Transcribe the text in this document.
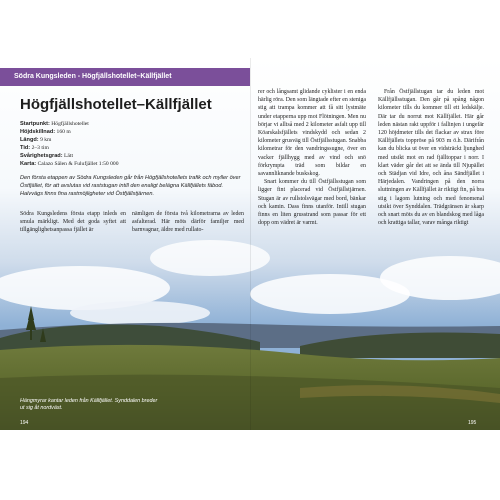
Södra Kungsleden - Högfjällshotellet–Källfjället
Högfjällshotellet–Källfjället
Startpunkt: Högfjällshotellet
Höjdskillnad: 160 m
Längd: 9 km
Tid: 2–3 tim
Svårighetsgrad: Lätt
Karta: Calazo Sälen & Fulufjället 1:50 000

Den första etappen av Södra Kungsleden går från Högfjällshotellets trafik och myller över Östfjället, för att avslutas vid raststugan intill den enaligt belägna Källfjällets fäbod. Halvvägs finns fina rastmöjligheter vid Östfjällstjärnen.

Södra Kungsledens första etapp inleds en smula märkligt. Med det goda syftet att tillgänglighetsanpassa fjället är

nämligen de första två kilometrarna av leden asfalterad. Här möts därför familjer med barnvagnar, äldre med rullato-

rer och långsamt glidande cyklister i en enda härlig röra. Den som längtade efter en steniga stig att trampa kommer att få sitt lystmäte under etapperna upp mot Flötningen. Men nu börjar vi alltså med 2 kilometer asfalt upp till Köarskalsfjällets vindskydd och sedan 2 kilometer grusväg till Östfjällsstugan. Snabba kilometrar för den vandringssugne, över en vacker fjällhygg med av vind och snö förkrympta träd som bildar en savannliknande buskskog.

Snart kommer du till Östfjällsstugan som ligger fint placerad vid Östfjällstjärnen. Stugan är av rullstolsvägar med bord, bänkar och kamin. Dass finns utanför. Intill stugan finns en liten grusstrand som passar för ett dopp om vädret är varmt.

Från Östfjällstugan tar du leden mot Källfjällsstugan. Den går på spång någon kilometer tills du kommer till ett ledskälje. Där tar du norrut mot Källfjället. Här går leden nästan rakt uppför i fallinjen i ungefär 120 höjdmeter tills det flackar av strax före Källfjällets toppröse på 903 m ö.h. Därifrån kan du blicka ut över en vidsträckt ljunghed med utsikt mot en rad fjälltoppar i norr. I klart väder går det att se ända till Njupället och Städjan vid Idre, och åna Sändfjället i Härjedalen. Vandringen på den norra sluttningen av Källfjället är riktigt fin, på bra stig i lagom lutning och med fenomenal utsikt över Synddalen. Trädgränsen är skarp och snart möts du av en blandskog med låga och krattiga tallar, varav många riktigt

Hängmyrar kantar leden från Källfjället. Synddalen breder ut sig åt nordväst.

194	195
